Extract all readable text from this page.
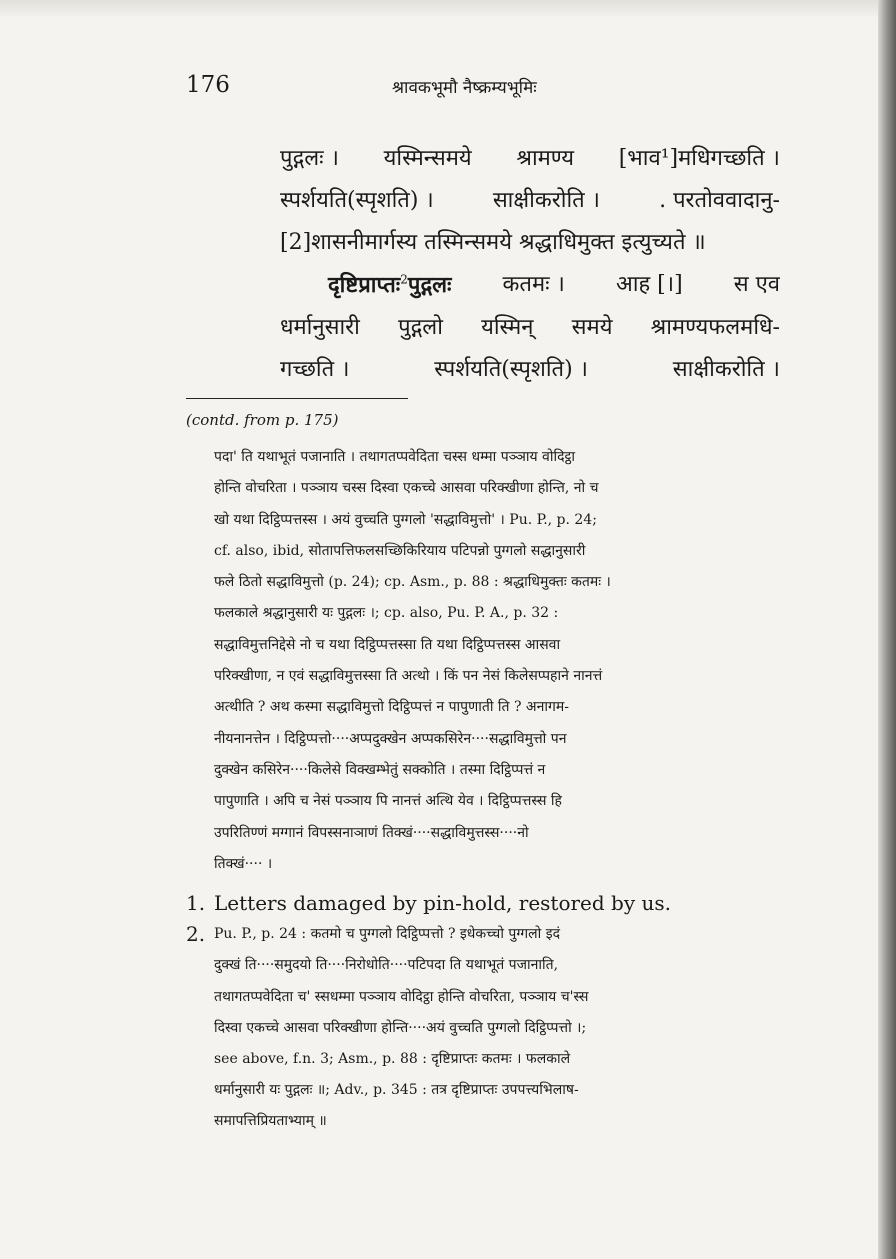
176	श्रावकभूमौ नैष्क्रम्यभूमिः
पुद्गलः । यस्मिन्समये श्रामण्य [भाव¹]मधिगच्छति ।
स्पर्शयति(स्पृशति) ।	साक्षीकरोति ।	. परतोववादानु-
[2]शासनीमार्गस्य तस्मिन्समये श्रद्धाधिमुक्त इत्युच्यते ॥
दृष्टिप्राप्तः$^2$पुद्गलः कतमः । आह [।] स एव
धर्मानुसारी पुद्गलो यस्मिन् समये श्रामण्यफलमधि-
गच्छति ।	स्पर्शयति(स्पृशति) ।	साक्षीकरोति ।
(contd. from p. 175)
पदा' ति यथाभूतं पजानाति । तथागतप्पवेदिता चस्स धम्मा पञ्ञाय वोदिट्ठा
होन्ति वोचरिता । पञ्ञाय चस्स दिस्वा एकच्चे आसवा परिक्खीणा होन्ति, नो च
खो यथा दिट्ठिप्पत्तस्स । अयं वुच्चति पुग्गलो 'सद्धाविमुत्तो' । Pu. P., p. 24;
cf. also, ibid, सोतापत्तिफलसच्छिकिरियाय पटिपन्नो पुग्गलो सद्धानुसारी
फले ठितो सद्धाविमुत्तो (p. 24); cp. Asm., p. 88 : श्रद्धाधिमुक्तः कतमः ।
फलकाले श्रद्धानुसारी यः पुद्गलः ।; cp. also, Pu. P. A., p. 32 :
सद्धाविमुत्तनिद्देसे नो च यथा दिट्ठिप्पत्तस्सा ति यथा दिट्ठिप्पत्तस्स आसवा
परिक्खीणा, न एवं सद्धाविमुत्तस्सा ति अत्थो । किं पन नेसं किलेसप्पहाने नानत्तं
अत्थीति ? अथ कस्मा सद्धाविमुत्तो दिट्ठिप्पत्तं न पापुणाती ति ? अनागम-
नीयनानत्तेन । दिट्ठिप्पत्तो····अप्पदुक्खेन अप्पकसिरेन····सद्धाविमुत्तो पन
दुक्खेन कसिरेन····किलेसे विक्खम्भेतुं सक्कोति । तस्मा दिट्ठिप्पत्तं न
पापुणाति । अपि च नेसं पञ्ञाय पि नानत्तं अत्थि येव । दिट्ठिप्पत्तस्स हि
उपरितिण्णं मग्गानं विपस्सनाञाणं तिक्खं····सद्धाविमुत्तस्स····नो
तिक्खं···· ।
1. Letters damaged by pin-hold, restored by us.
2. Pu. P., p. 24 : कतमो च पुग्गलो दिट्ठिप्पत्तो ? इधेकच्चो पुग्गलो इदं
दुक्खं ति····समुदयो ति····निरोधोति····पटिपदा ति यथाभूतं पजानाति,
तथागतप्पवेदिता च' स्सधम्मा पञ्ञाय वोदिट्ठा होन्ति वोचरिता, पञ्ञाय च'स्स
दिस्वा एकच्चे आसवा परिक्खीणा होन्ति····अयं वुच्चति पुग्गलो दिट्ठिप्पत्तो ।;
see above, f.n. 3; Asm., p. 88 : दृष्टिप्राप्तः कतमः । फलकाले
धर्मानुसारी यः पुद्गलः ॥; Adv., p. 345 : तत्र दृष्टिप्राप्तः उपपत्त्यभिलाष-
समापत्तिप्रियताभ्याम् ॥
